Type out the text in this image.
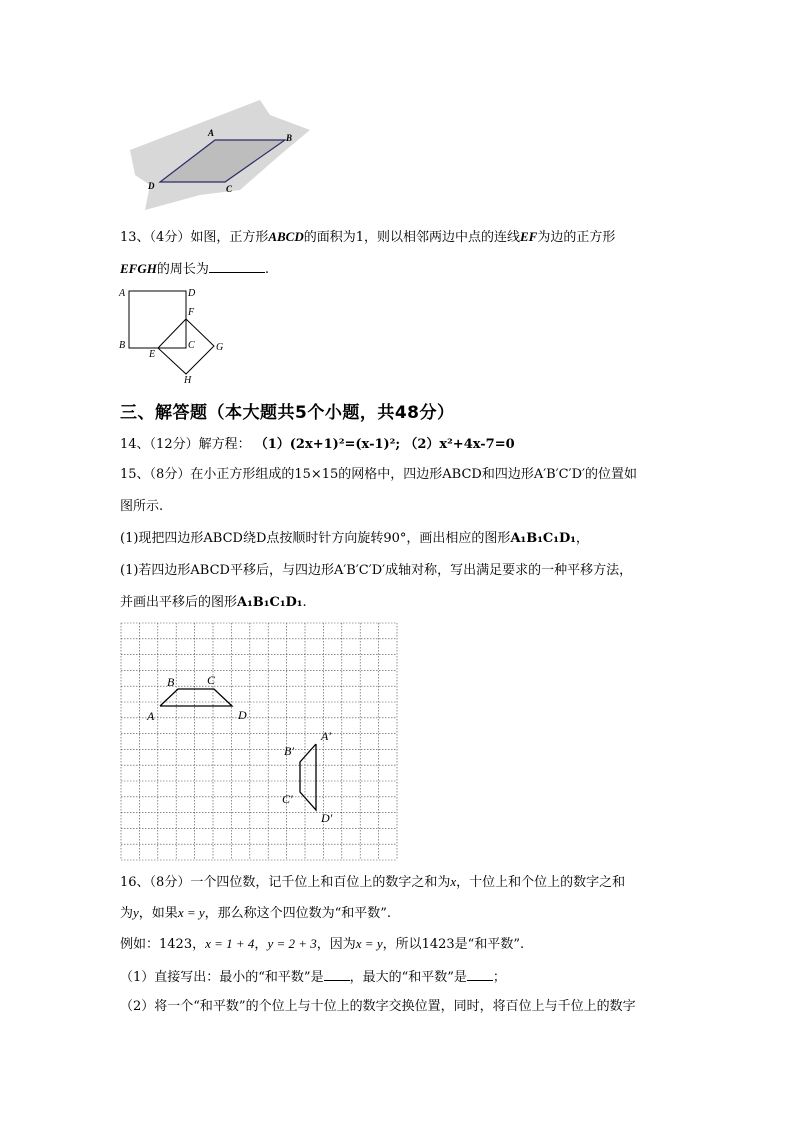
A	B
C
D
13、（4分）如图，正方形ABCD的面积为1，则以相邻两边中点的连线EF为边的正方形
EFGH的周长为	.
A	D
B
E
C
F
G
H
三、解答题（本大题共5个小题，共48分）
14、（12分）解方程： （1）(2x+1)²=(x-1)²; （2）x²+4x-7=0
15、（8分）在小正方形组成的15×15的网格中，四边形ABCD和四边形A′B′C′D′的位置如
图所示.
(1)现把四边形ABCD绕D点按顺时针方向旋转90°，画出相应的图形A₁B₁C₁D₁，
(1)若四边形ABCD平移后，与四边形A′B′C′D′成轴对称，写出满足要求的一种平移方法，
并画出平移后的图形A₁B₁C₁D₁.
A
B	C
D
A′
B′
C′
D′
16、（8分）一个四位数，记千位上和百位上的数字之和为x，十位上和个位上的数字之和
为y，如果x = y，那么称这个四位数为“和平数”.
例如：1423，x = 1 + 4，y = 2 + 3，因为x = y，所以1423是“和平数”.
（1）直接写出：最小的“和平数”是 ，最大的“和平数”是 ；
（2）将一个“和平数”的个位上与十位上的数字交换位置，同时，将百位上与千位上的数字
